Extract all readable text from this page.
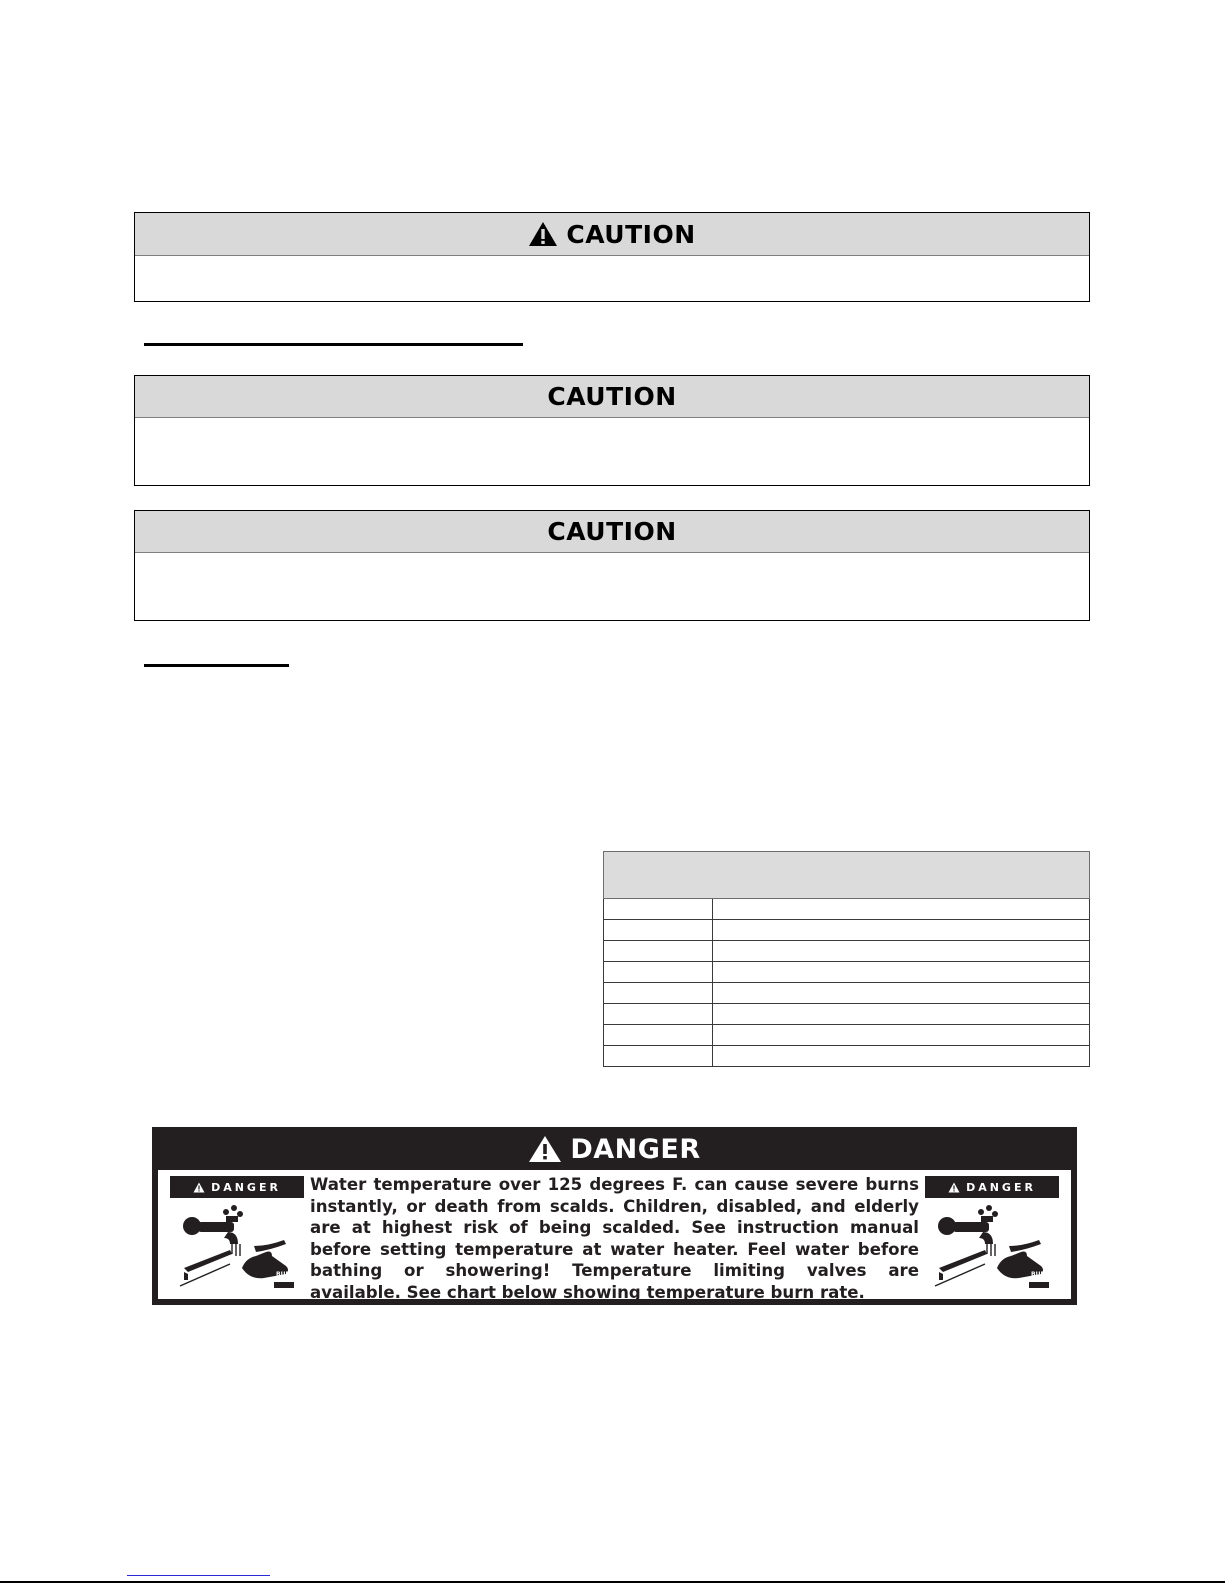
CAUTION
CAUTION
CAUTION

DANGER
DANGER
BURN
Water temperature over 125 degrees F. can cause severe burns instantly, or death from scalds. Children, disabled, and elderly are at highest risk of being scalded. See instruction manual before setting temperature at water heater. Feel water before bathing or showering! Temperature limiting valves are available. See chart below showing temperature burn rate.
DANGER
BURN
